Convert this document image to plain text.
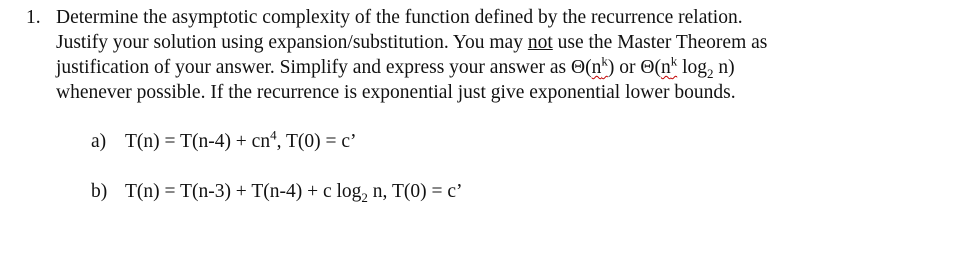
1. Determine the asymptotic complexity of the function defined by the recurrence relation.
Justify your solution using expansion/substitution. You may not use the Master Theorem as
justification of your answer. Simplify and express your answer as $\Theta(n^k)$ or $\Theta(n^k$ $\log_2 n$)
whenever possible. If the recurrence is exponential just give exponential lower bounds.
a) $T(n) = T(n-4) + cn^4$, T(0) = c’
b) T(n) = T(n-3) + T(n-4) + c $\log_2 n$, T(0) = c’
